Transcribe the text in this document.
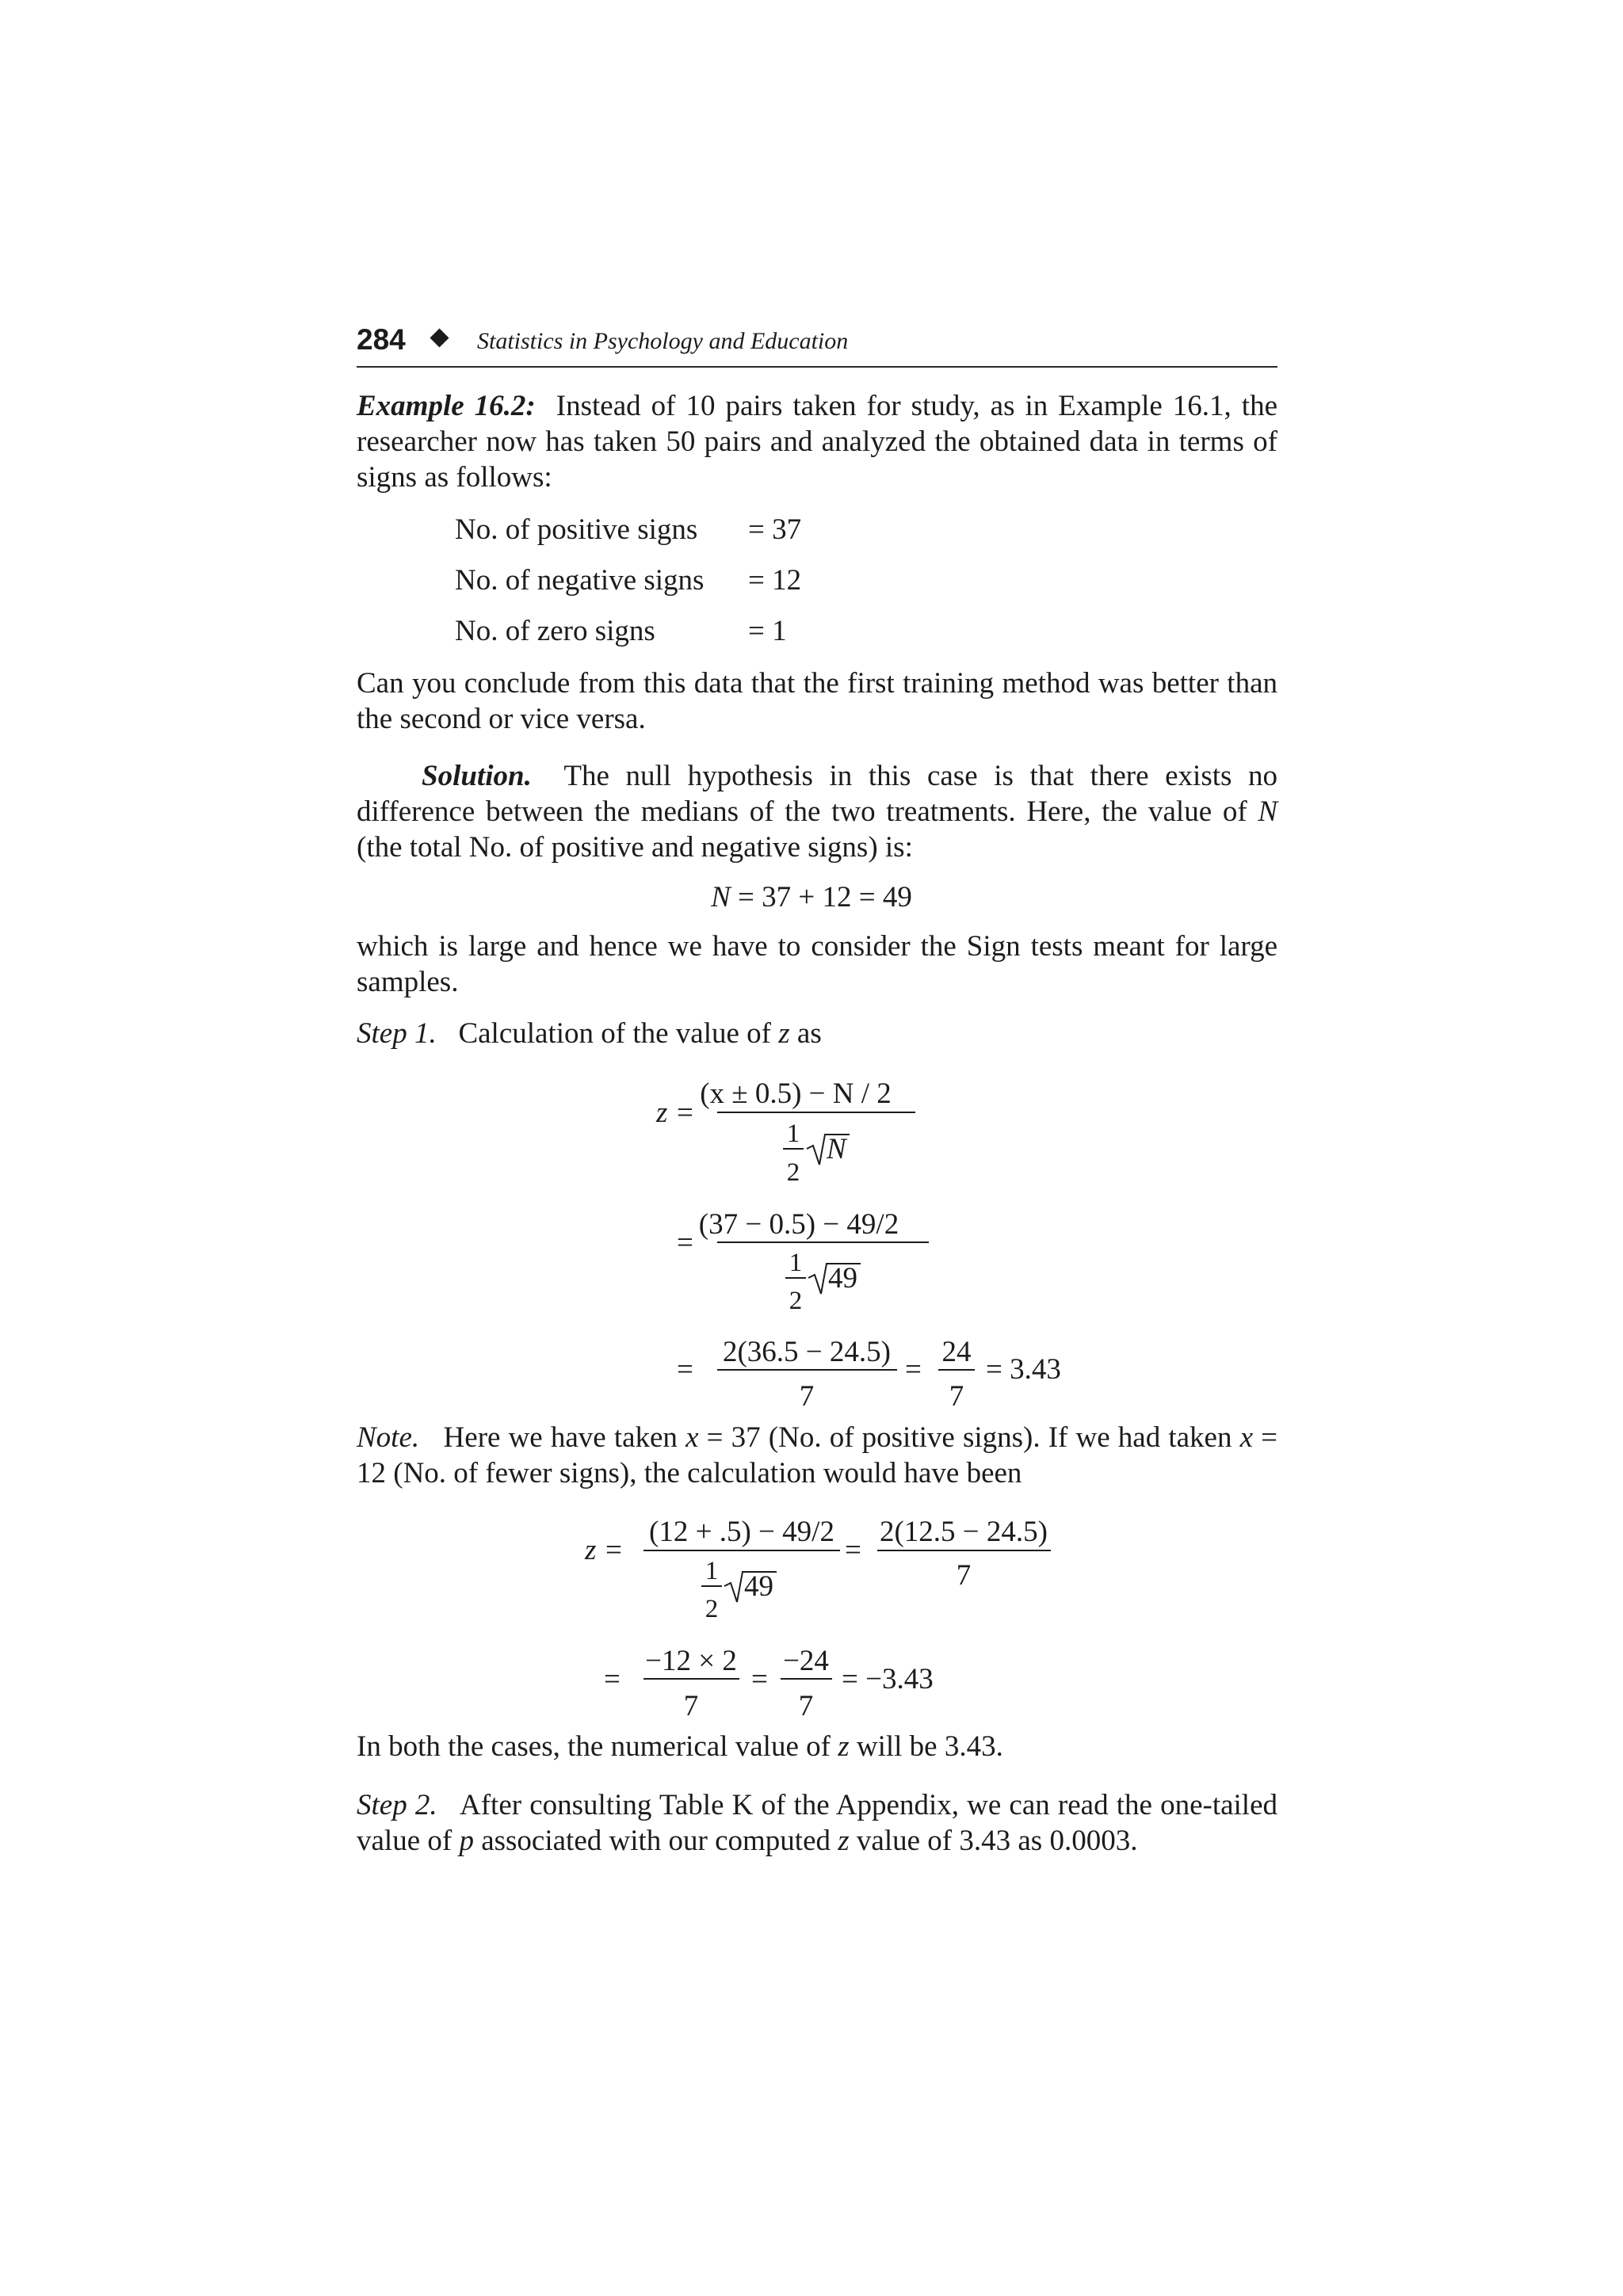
284	Statistics in Psychology and Education

Example 16.2: Instead of 10 pairs taken for study, as in Example 16.1, the researcher now has taken 50 pairs and analyzed the obtained data in terms of signs as follows:

No. of positive signs = 37
No. of negative signs = 12
No. of zero signs	= 1

Can you conclude from this data that the first training method was better than the second or vice versa.

Solution. The null hypothesis in this case is that there exists no difference between the medians of the two treatments. Here, the value of N (the total No. of positive and negative signs) is:

N = 37 + 12 = 49

which is large and hence we have to consider the Sign tests meant for large samples.

Step 1. Calculation of the value of z as

z =
(x ± 0.5) − N / 2
1
2
N
=
(37 − 0.5) − 49/2
1
2
49
=
2(36.5 − 24.5)
7
=
24
7
= 3.43

Note. Here we have taken x = 37 (No. of positive signs). If we had taken x = 12 (No. of fewer signs), the calculation would have been

z =
(12 + .5) − 49/2
1
2
49
=
2(12.5 − 24.5)
7
=
−12 × 2
7
=
−24
7
= −3.43

In both the cases, the numerical value of z will be 3.43.

Step 2. After consulting Table K of the Appendix, we can read the one-tailed value of p associated with our computed z value of 3.43 as 0.0003.
